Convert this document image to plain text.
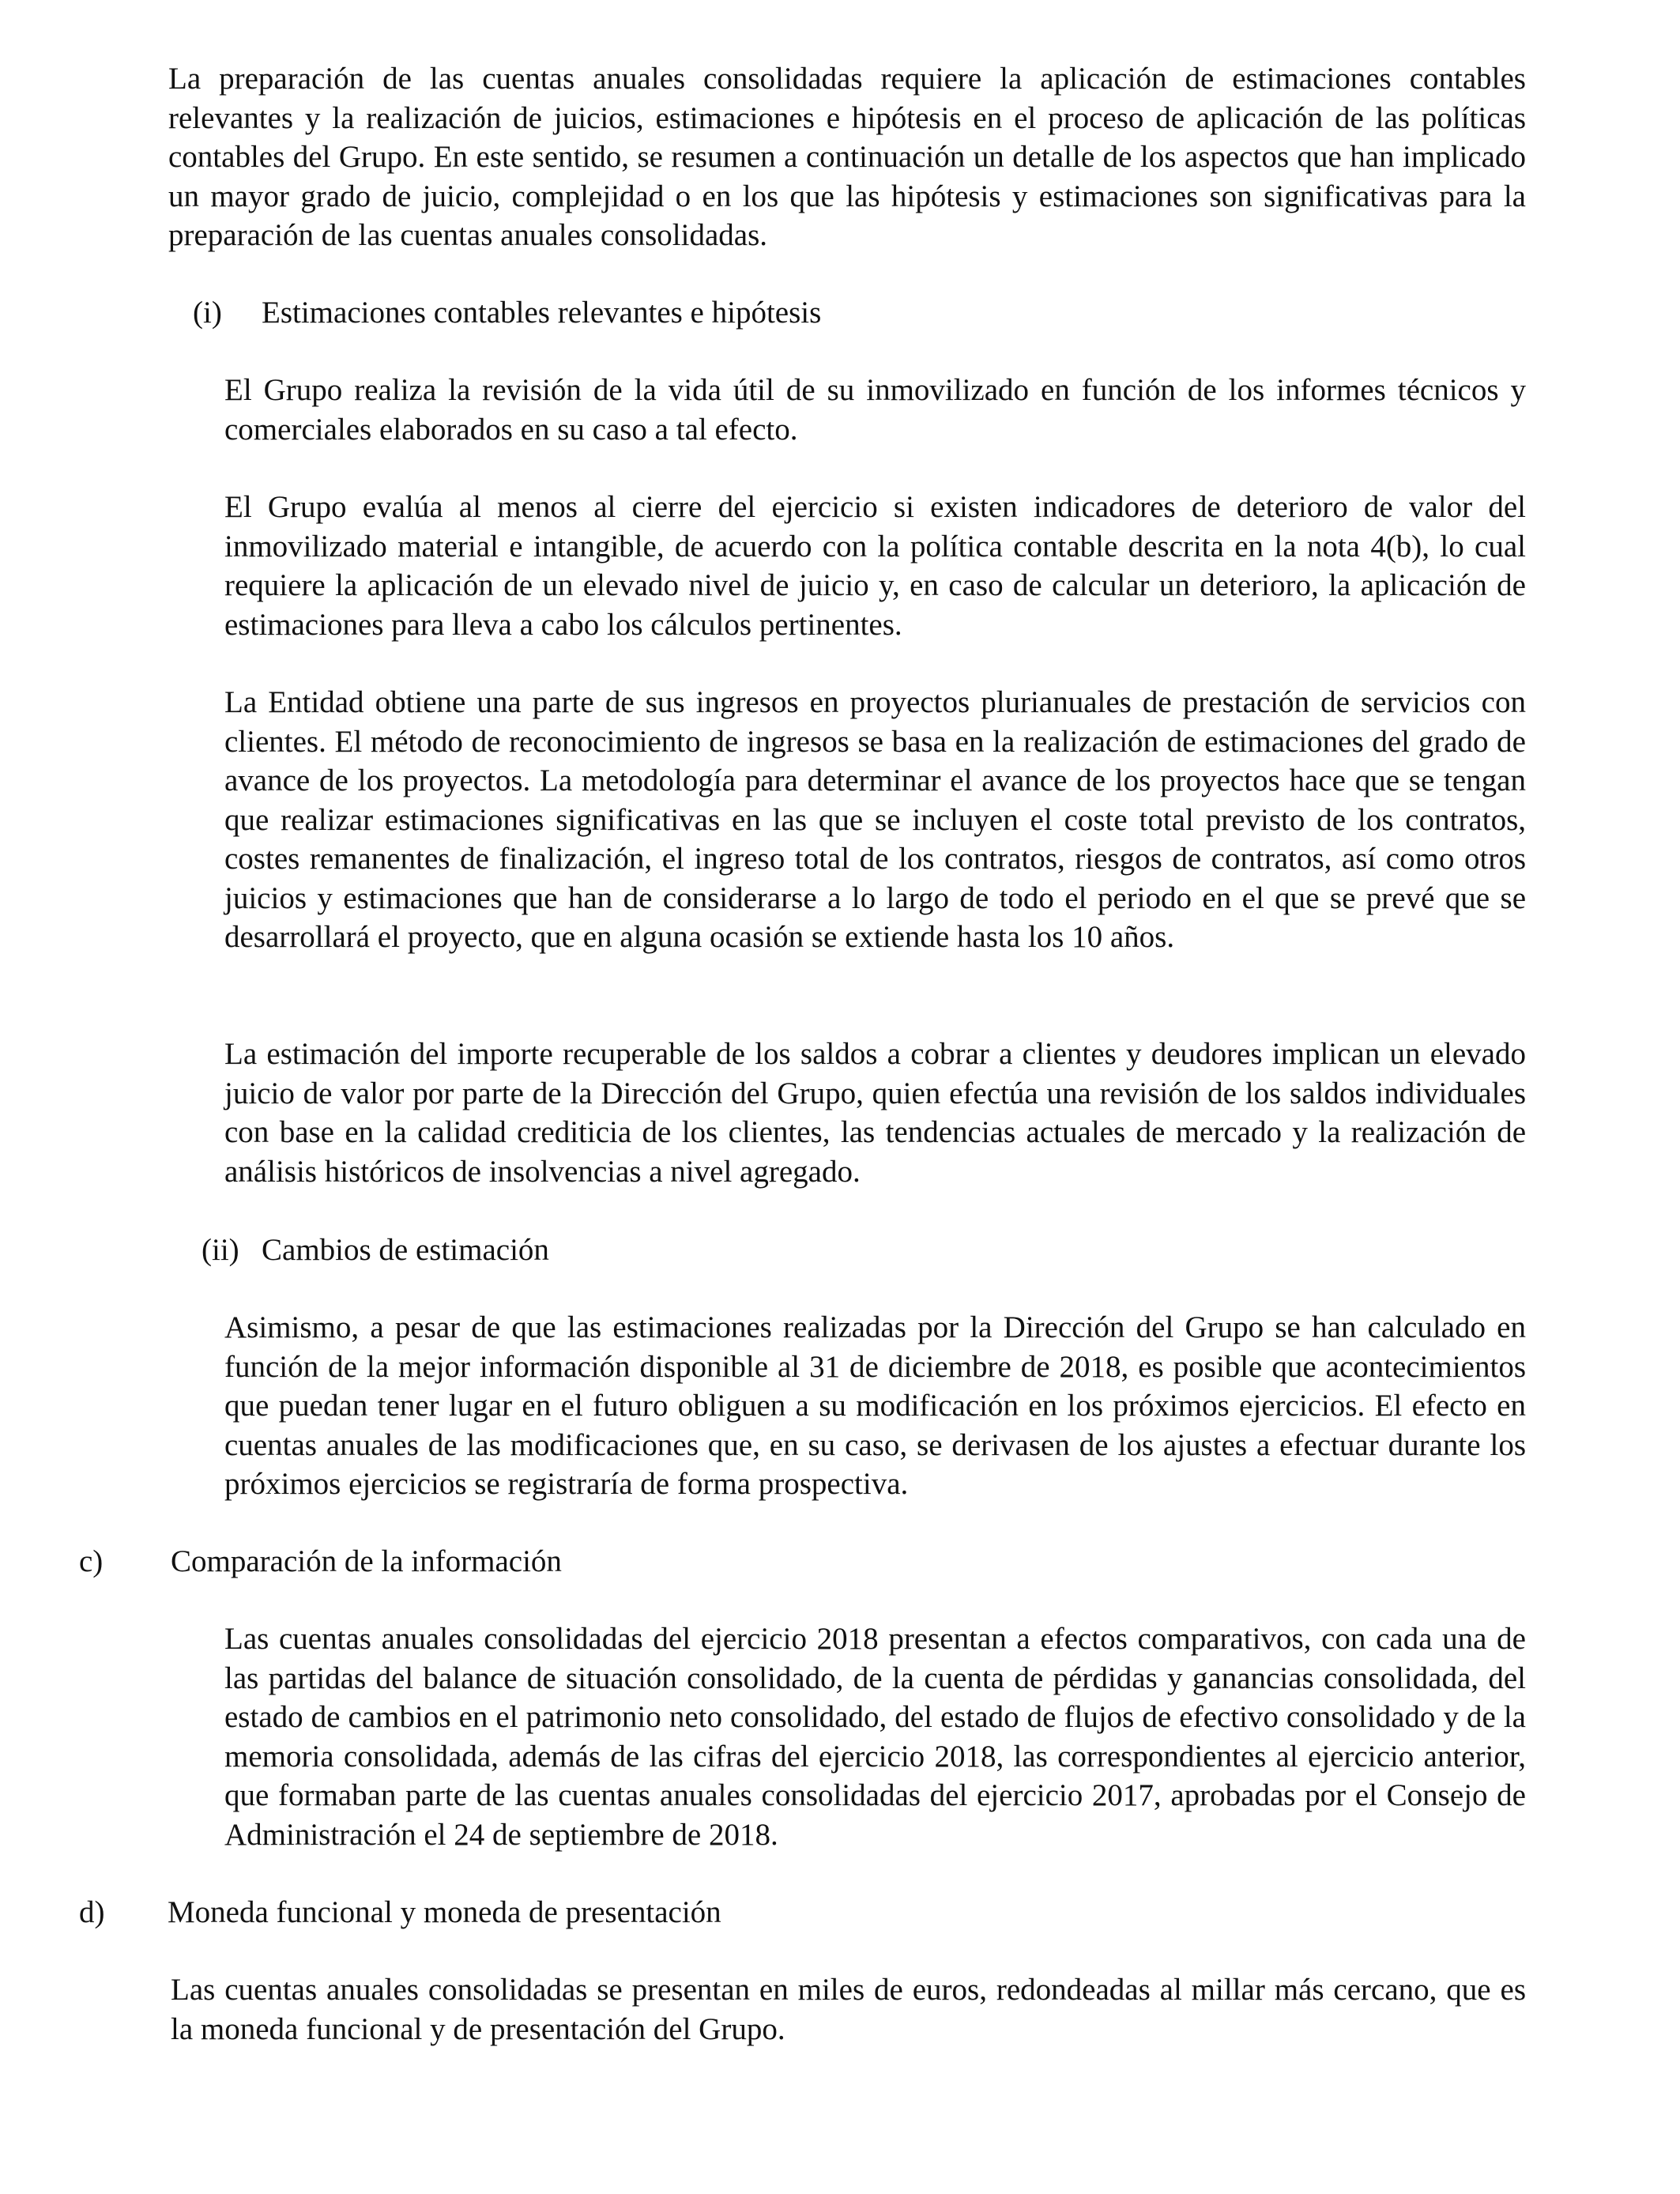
La preparación de las cuentas anuales consolidadas requiere la aplicación de estimaciones contables relevantes y la realización de juicios, estimaciones e hipótesis en el proceso de aplicación de las políticas contables del Grupo. En este sentido, se resumen a continuación un detalle de los aspectos que han implicado un mayor grado de juicio, complejidad o en los que las hipótesis y estimaciones son significativas para la preparación de las cuentas anuales consolidadas.

(i) Estimaciones contables relevantes e hipótesis

El Grupo realiza la revisión de la vida útil de su inmovilizado en función de los informes técnicos y comerciales elaborados en su caso a tal efecto.

El Grupo evalúa al menos al cierre del ejercicio si existen indicadores de deterioro de valor del inmovilizado material e intangible, de acuerdo con la política contable descrita en la nota 4(b), lo cual requiere la aplicación de un elevado nivel de juicio y, en caso de calcular un deterioro, la aplicación de estimaciones para lleva a cabo los cálculos pertinentes.

La Entidad obtiene una parte de sus ingresos en proyectos plurianuales de prestación de servicios con clientes. El método de reconocimiento de ingresos se basa en la realización de estimaciones del grado de avance de los proyectos. La metodología para determinar el avance de los proyectos hace que se tengan que realizar estimaciones significativas en las que se incluyen el coste total previsto de los contratos, costes remanentes de finalización, el ingreso total de los contratos, riesgos de contratos, así como otros juicios y estimaciones que han de considerarse a lo largo de todo el periodo en el que se prevé que se desarrollará el proyecto, que en alguna ocasión se extiende hasta los 10 años.

La estimación del importe recuperable de los saldos a cobrar a clientes y deudores implican un elevado juicio de valor por parte de la Dirección del Grupo, quien efectúa una revisión de los saldos individuales con base en la calidad crediticia de los clientes, las tendencias actuales de mercado y la realización de análisis históricos de insolvencias a nivel agregado.

(ii) Cambios de estimación

Asimismo, a pesar de que las estimaciones realizadas por la Dirección del Grupo se han calculado en función de la mejor información disponible al 31 de diciembre de 2018, es posible que acontecimientos que puedan tener lugar en el futuro obliguen a su modificación en los próximos ejercicios. El efecto en cuentas anuales de las modificaciones que, en su caso, se derivasen de los ajustes a efectuar durante los próximos ejercicios se registraría de forma prospectiva.

c) Comparación de la información

Las cuentas anuales consolidadas del ejercicio 2018 presentan a efectos comparativos, con cada una de las partidas del balance de situación consolidado, de la cuenta de pérdidas y ganancias consolidada, del estado de cambios en el patrimonio neto consolidado, del estado de flujos de efectivo consolidado y de la memoria consolidada, además de las cifras del ejercicio 2018, las correspondientes al ejercicio anterior, que formaban parte de las cuentas anuales consolidadas del ejercicio 2017, aprobadas por el Consejo de Administración el 24 de septiembre de 2018.

d) Moneda funcional y moneda de presentación

Las cuentas anuales consolidadas se presentan en miles de euros, redondeadas al millar más cercano, que es la moneda funcional y de presentación del Grupo.
